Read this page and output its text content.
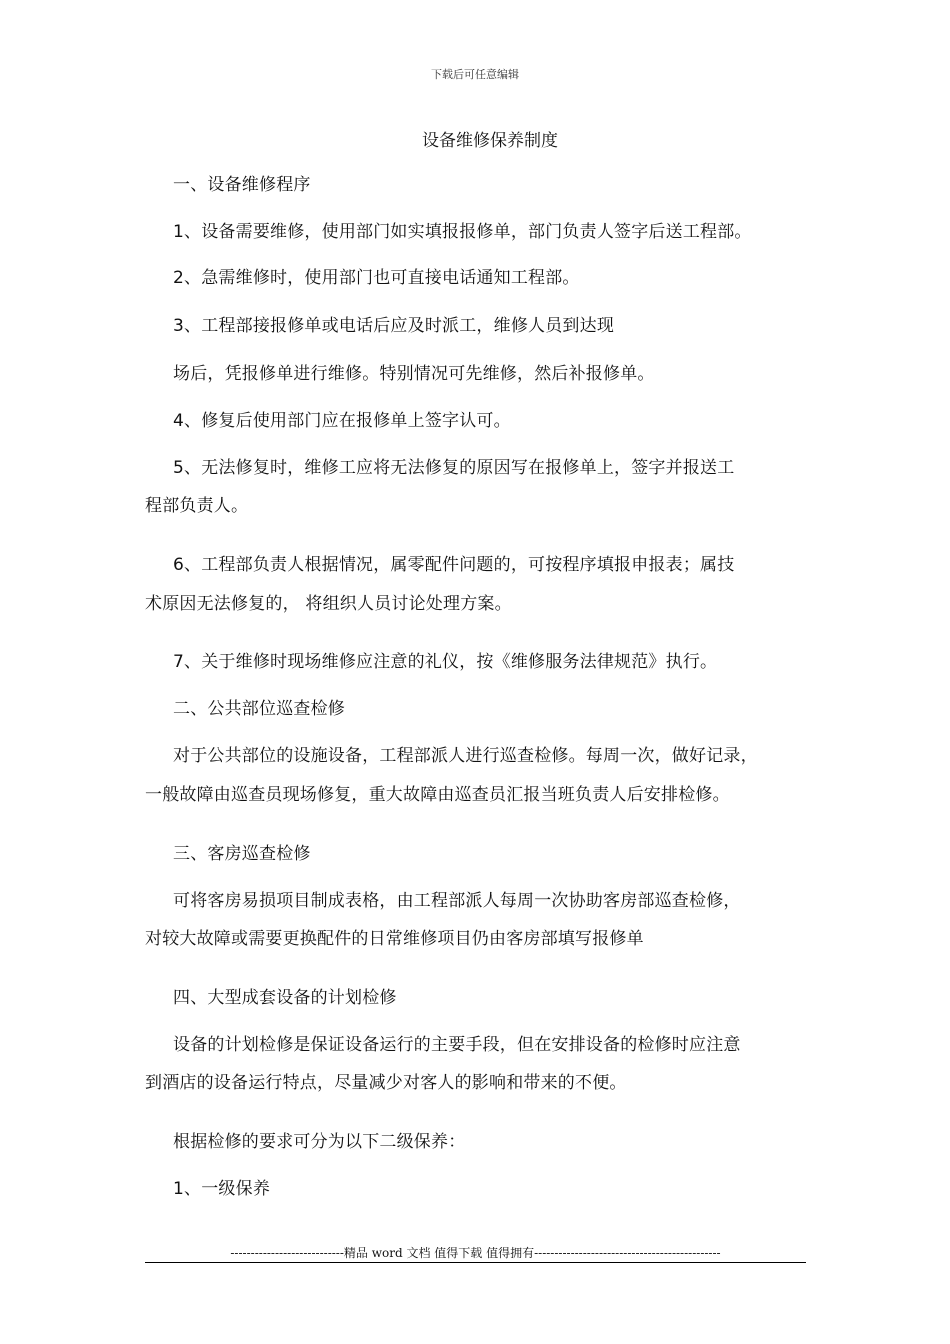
下载后可任意编辑
设备维修保养制度
一、设备维修程序
1、设备需要维修，使用部门如实填报报修单，部门负责人签字后送工程部。
2、急需维修时，使用部门也可直接电话通知工程部。
3、工程部接报修单或电话后应及时派工，维修人员到达现
场后，凭报修单进行维修。特别情况可先维修，然后补报修单。
4、修复后使用部门应在报修单上签字认可。
5、无法修复时，维修工应将无法修复的原因写在报修单上，签字并报送工
程部负责人。
6、工程部负责人根据情况，属零配件问题的，可按程序填报申报表；属技
术原因无法修复的， 将组织人员讨论处理方案。
7、关于维修时现场维修应注意的礼仪，按《维修服务法律规范》执行。
二、公共部位巡查检修
对于公共部位的设施设备，工程部派人进行巡查检修。每周一次，做好记录，
一般故障由巡查员现场修复，重大故障由巡查员汇报当班负责人后安排检修。
三、客房巡查检修
可将客房易损项目制成表格，由工程部派人每周一次协助客房部巡查检修，
对较大故障或需要更换配件的日常维修项目仍由客房部填写报修单
四、大型成套设备的计划检修
设备的计划检修是保证设备运行的主要手段，但在安排设备的检修时应注意
到酒店的设备运行特点，尽量减少对客人的影响和带来的不便。
根据检修的要求可分为以下二级保养：
1、一级保养
----------------------------精品 word 文档 值得下载 值得拥有----------------------------------------------
